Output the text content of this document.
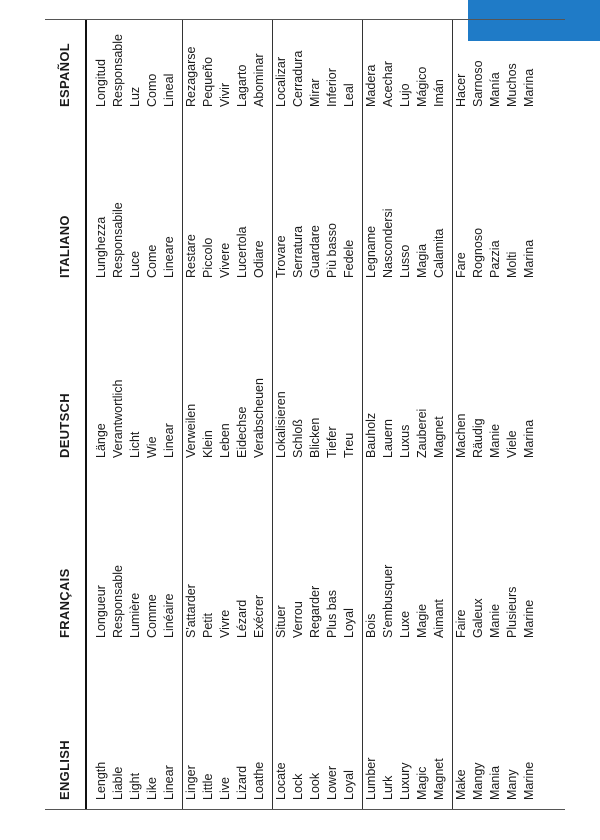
ENGLISH
FRANÇAIS
DEUTSCH
ITALIANO
ESPAÑOL
Length
Longueur
Länge
Lunghezza
Longitud
Liable
Responsable
Verantwortlich
Responsabile
Responsable
Light
Lumière
Licht
Luce
Luz
Like
Comme
Wie
Come
Como
Linear
Linéaire
Linear
Lineare
Lineal
Linger
S'attarder
Verweilen
Restare
Rezagarse
Little
Petit
Klein
Piccolo
Pequeño
Live
Vivre
Leben
Vivere
Vivir
Lizard
Lézard
Eidechse
Lucertola
Lagarto
Loathe
Exécrer
Verabscheuen
Odiare
Abominar
Locate
Situer
Lokalisieren
Trovare
Localizar
Lock
Verrou
Schloß
Serratura
Cerradura
Look
Regarder
Blicken
Guardare
Mirar
Lower
Plus bas
Tiefer
Più basso
Inferior
Loyal
Loyal
Treu
Fedele
Leal
Lumber
Bois
Bauholz
Legname
Madera
Lurk
S'embusquer
Lauern
Nascondersi
Acechar
Luxury
Luxe
Luxus
Lusso
Lujo
Magic
Magie
Zauberei
Magia
Mágico
Magnet
Aimant
Magnet
Calamita
Imán
Make
Faire
Machen
Fare
Hacer
Mangy
Galeux
Räudig
Rognoso
Sarnoso
Mania
Manie
Manie
Pazzia
Manía
Many
Plusieurs
Viele
Molti
Muchos
Marine
Marine
Marina
Marina
Marina
